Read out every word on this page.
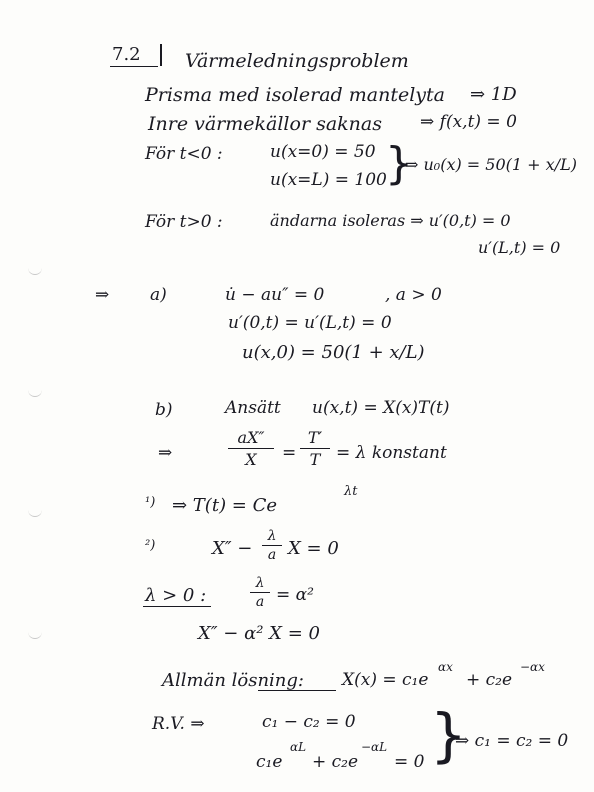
7.2 Värmeledningsproblem
Prisma med isolerad mantelyta ⇒ 1D
Inre värmekällor saknas ⇒ f(x,t) = 0
För t<0 :	u(x=0) = 50
u(x=L) = 100
}
⇒ u₀(x) = 50(1 + x/L)
För t>0 :	ändarna isoleras ⇒ u′(0,t) = 0
u′(L,t) = 0
⇒ a)	u̇ − au″ = 0	, a > 0
u′(0,t) = u′(L,t) = 0
u(x,0) = 50(1 + x/L)
b)	Ansätt u(x,t) = X(x)T(t)
⇒	$\frac{aX''}{X} = \frac{T'}{T} = \lambda$ konstant
¹) ⇒ T(t) = Ce
λt
²)	$X'' - \frac{\lambda}{a}$ X = 0
λ > 0 :	$\frac{\lambda}{a} = \alpha^2$
X″ − α² X = 0
Allmän lösning: X(x) = c₁e
αx
+ c₂e
−αx
R.V. ⇒	c₁ − c₂ = 0
c₁e
αL
+ c₂e
−αL
= 0 }
⇒ c₁ = c₂ = 0
